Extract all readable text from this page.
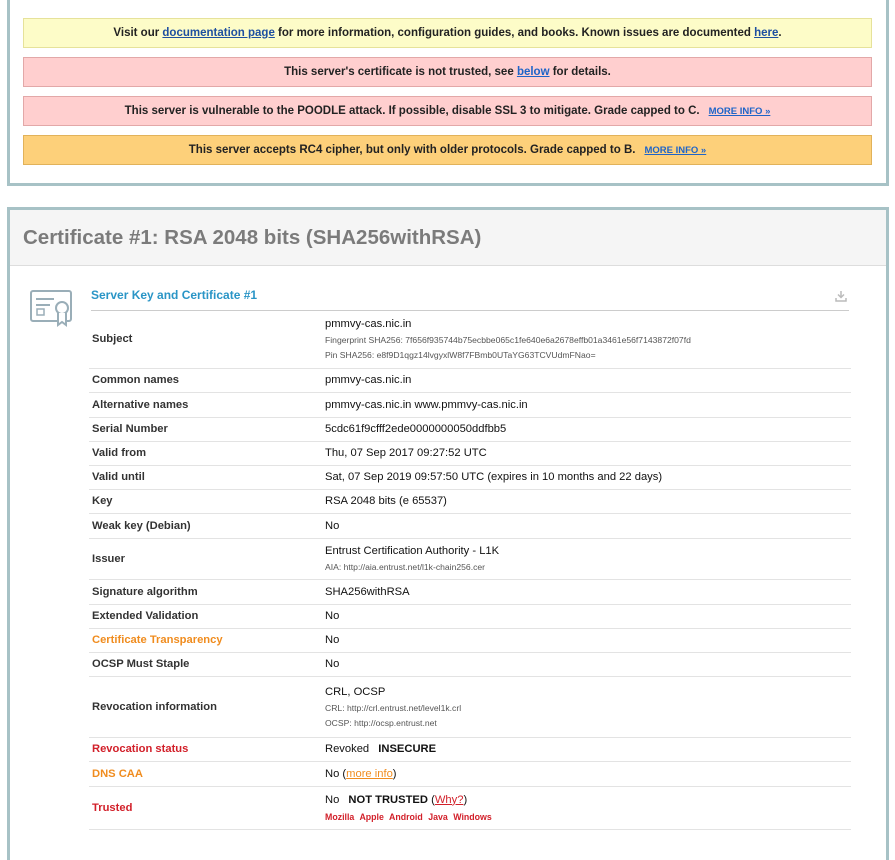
Visit our documentation page for more information, configuration guides, and books. Known issues are documented here .
This server's certificate is not trusted, see below for details.
This server is vulnerable to the POODLE attack. If possible, disable SSL 3 to mitigate. Grade capped to C. MORE INFO »
This server accepts RC4 cipher, but only with older protocols. Grade capped to B. MORE INFO »
Certificate #1: RSA 2048 bits (SHA256withRSA)
Server Key and Certificate #1
Subject	pmmvy-cas.nic.in
Fingerprint SHA256: 7f656f935744b75ecbbe065c1fe640e6a2678effb01a3461e56f7143872f07fd
Pin SHA256: e8f9D1qgz14lvgyxlW8f7FBmb0UTaYG63TCVUdmFNao=

Common names	pmmvy-cas.nic.in
Alternative names	pmmvy-cas.nic.in www.pmmvy-cas.nic.in
Serial Number	5cdc61f9cfff2ede0000000050ddfbb5
Valid from	Thu, 07 Sep 2017 09:27:52 UTC
Valid until	Sat, 07 Sep 2019 09:57:50 UTC (expires in 10 months and 22 days)
Key	RSA 2048 bits (e 65537)
Weak key (Debian)	No
Issuer	Entrust Certification Authority - L1K
AIA: http://aia.entrust.net/l1k-chain256.cer

Signature algorithm	SHA256withRSA
Extended Validation	No
Certificate Transparency	No
OCSP Must Staple	No
Revocation information	CRL, OCSP
CRL: http://crl.entrust.net/level1k.crl
OCSP: http://ocsp.entrust.net

Revocation status	Revoked INSECURE
DNS CAA	No (more info)
Trusted	No NOT TRUSTED (Why?)
Mozilla Apple Android Java Windows
